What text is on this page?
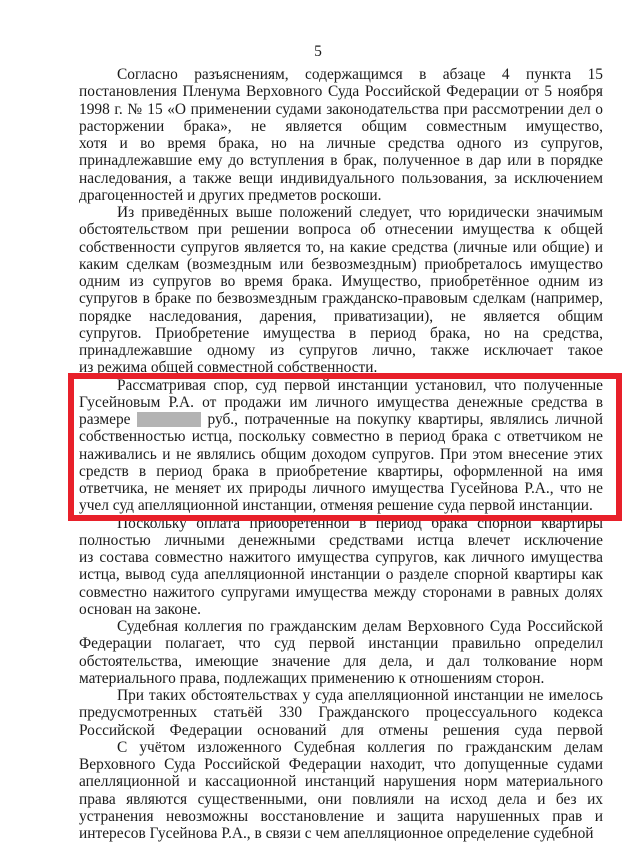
5
Согласно разъяснениям, содержащимся в абзаце 4 пункта 15
постановления Пленума Верховного Суда Российской Федерации от 5 ноября
1998 г. № 15 «О применении судами законодательства при рассмотрении дел о
расторжении брака», не является общим совместным имущество,
хотя и во время брака, но на личные средства одного из супругов,
принадлежавшие ему до вступления в брак, полученное в дар или в порядке
наследования, а также вещи индивидуального пользования, за исключением
драгоценностей и других предметов роскоши.
Из приведённых выше положений следует, что юридически значимым
обстоятельством при решении вопроса об отнесении имущества к общей
собственности супругов является то, на какие средства (личные или общие) и
каким сделкам (возмездным или безвозмездным) приобреталось имущество
одним из супругов во время брака. Имущество, приобретённое одним из
супругов в браке по безвозмездным гражданско-правовым сделкам (например,
порядке наследования, дарения, приватизации), не является общим
супругов. Приобретение имущества в период брака, но на средства,
принадлежавшие одному из супругов лично, также исключает такое
из режима общей совместной собственности.
Рассматривая спор, суд первой инстанции установил, что полученные
Гусейновым Р.А. от продажи им личного имущества денежные средства в
размере	руб., потраченные на покупку квартиры, являлись личной
собственностью истца, поскольку совместно в период брака с ответчиком не
наживались и не являлись общим доходом супругов. При этом внесение этих
средств в период брака в приобретение квартиры, оформленной на имя
ответчика, не меняет их природы личного имущества Гусейнова Р.А., что не
учел суд апелляционной инстанции, отменяя решение суда первой инстанции.
Поскольку оплата приобретённой в период брака спорной квартиры
полностью личными денежными средствами истца влечет исключение
из состава совместно нажитого имущества супругов, как личного имущества
истца, вывод суда апелляционной инстанции о разделе спорной квартиры как
совместно нажитого супругами имущества между сторонами в равных долях
основан на законе.
Судебная коллегия по гражданским делам Верховного Суда Российской
Федерации полагает, что суд первой инстанции правильно определил
обстоятельства, имеющие значение для дела, и дал толкование норм
материального права, подлежащих применению к отношениям сторон.
При таких обстоятельствах у суда апелляционной инстанции не имелось
предусмотренных статьёй 330 Гражданского процессуального кодекса
Российской Федерации оснований для отмены решения суда первой
С учётом изложенного Судебная коллегия по гражданским делам
Верховного Суда Российской Федерации находит, что допущенные судами
апелляционной и кассационной инстанций нарушения норм материального
права являются существенными, они повлияли на исход дела и без их
устранения невозможны восстановление и защита нарушенных прав и
интересов Гусейнова Р.А., в связи с чем апелляционное определение судебной
